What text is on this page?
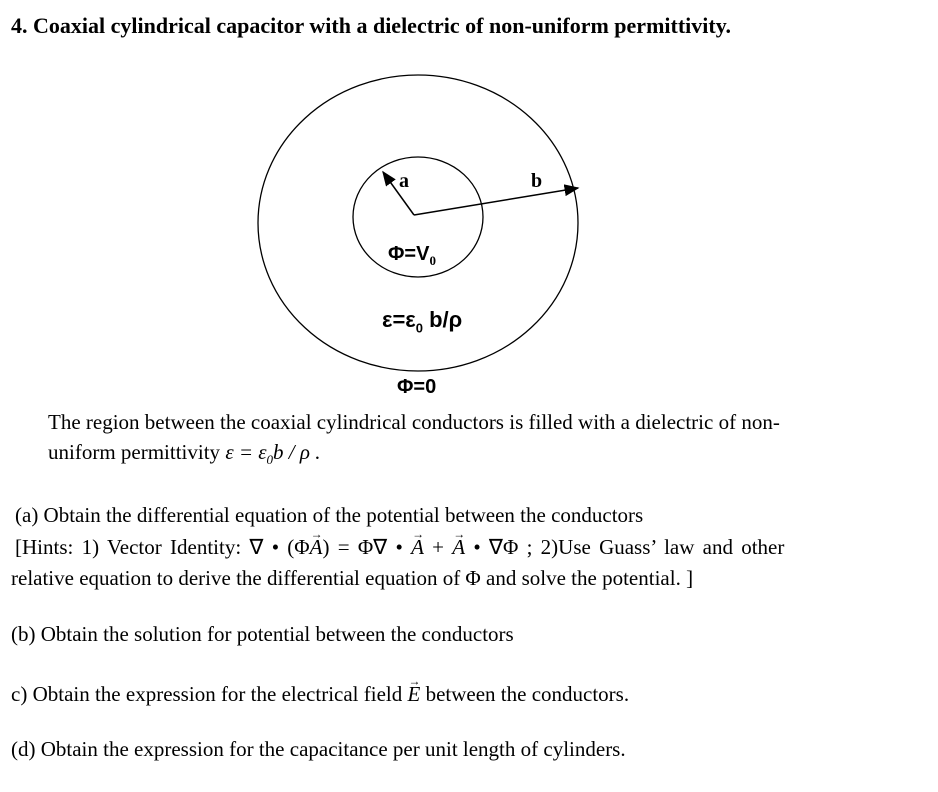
4. Coaxial cylindrical capacitor with a dielectric of non-uniform permittivity.
a	b
$\Phi=V_0$
$\varepsilon=\varepsilon_0$ b/ρ
Φ=0
The region between the coaxial cylindrical conductors is filled with a dielectric of non-
uniform permittivity $\varepsilon = \varepsilon_0b / \rho$ .
(a) Obtain the differential equation of the potential between the conductors
[Hints: 1) Vector Identity: ∇ • (Φ→ A) = Φ∇ • → A + → A • ∇Φ ; 2)Use Guass’ law and other
relative equation to derive the differential equation of Φ and solve the potential. ]
(b) Obtain the solution for potential between the conductors
c) Obtain the expression for the electrical field → E between the conductors.
(d) Obtain the expression for the capacitance per unit length of cylinders.
